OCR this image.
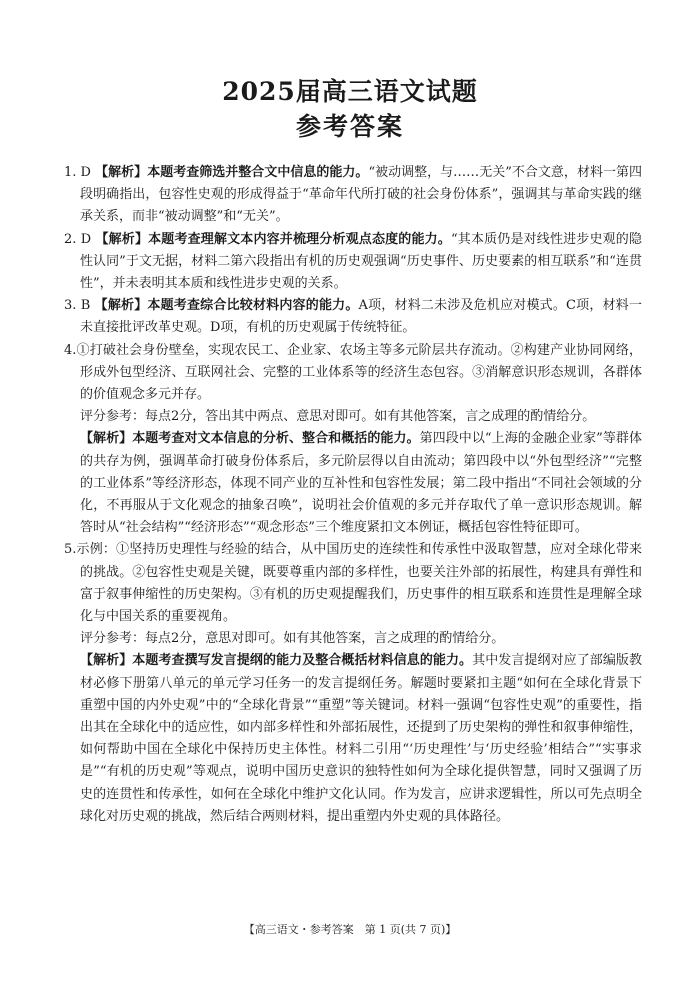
2025届高三语文试题
参考答案

1. D 【解析】本题考查筛选并整合文中信息的能力。“被动调整，与……无关”不合文意，材料一第四段明确指出，包容性史观的形成得益于“革命年代所打破的社会身份体系”，强调其与革命实践的继承关系，而非“被动调整”和“无关”。

2. D 【解析】本题考查理解文本内容并梳理分析观点态度的能力。“其本质仍是对线性进步史观的隐性认同”于文无据，材料二第六段指出有机的历史观强调“历史事件、历史要素的相互联系”和“连贯性”，并未表明其本质和线性进步史观的关系。

3. B 【解析】本题考查综合比较材料内容的能力。A项，材料二未涉及危机应对模式。C项，材料一未直接批评改革史观。D项，有机的历史观属于传统特征。

4.①打破社会身份壁垒，实现农民工、企业家、农场主等多元阶层共存流动。②构建产业协同网络，形成外包型经济、互联网社会、完整的工业体系等的经济生态包容。③消解意识形态规训，各群体的价值观念多元并存。

评分参考：每点2分，答出其中两点、意思对即可。如有其他答案，言之成理的酌情给分。

【解析】本题考查对文本信息的分析、整合和概括的能力。第四段中以“上海的金融企业家”等群体的共存为例，强调革命打破身份体系后，多元阶层得以自由流动；第四段中以“外包型经济”“完整的工业体系”等经济形态，体现不同产业的互补性和包容性发展；第二段中指出“不同社会领域的分化，不再服从于文化观念的抽象召唤”，说明社会价值观的多元并存取代了单一意识形态规训。解答时从“社会结构”“经济形态”“观念形态”三个维度紧扣文本例证，概括包容性特征即可。

5.示例：①坚持历史理性与经验的结合，从中国历史的连续性和传承性中汲取智慧，应对全球化带来的挑战。②包容性史观是关键，既要尊重内部的多样性，也要关注外部的拓展性，构建具有弹性和富于叙事伸缩性的历史架构。③有机的历史观提醒我们，历史事件的相互联系和连贯性是理解全球化与中国关系的重要视角。

评分参考：每点2分，意思对即可。如有其他答案，言之成理的酌情给分。

【解析】本题考查撰写发言提纲的能力及整合概括材料信息的能力。其中发言提纲对应了部编版教材必修下册第八单元的单元学习任务一的发言提纲任务。解题时要紧扣主题“如何在全球化背景下重塑中国的内外史观”中的“全球化背景”“重塑”等关键词。材料一强调“包容性史观”的重要性，指出其在全球化中的适应性，如内部多样性和外部拓展性，还提到了历史架构的弹性和叙事伸缩性，如何帮助中国在全球化中保持历史主体性。材料二引用“‘历史理性’与‘历史经验’相结合”“实事求是”“有机的历史观”等观点，说明中国历史意识的独特性如何为全球化提供智慧，同时又强调了历史的连贯性和传承性，如何在全球化中维护文化认同。作为发言，应讲求逻辑性，所以可先点明全球化对历史观的挑战，然后结合两则材料，提出重塑内外史观的具体路径。

【高三语文・参考答案　第 1 页(共 7 页)】
